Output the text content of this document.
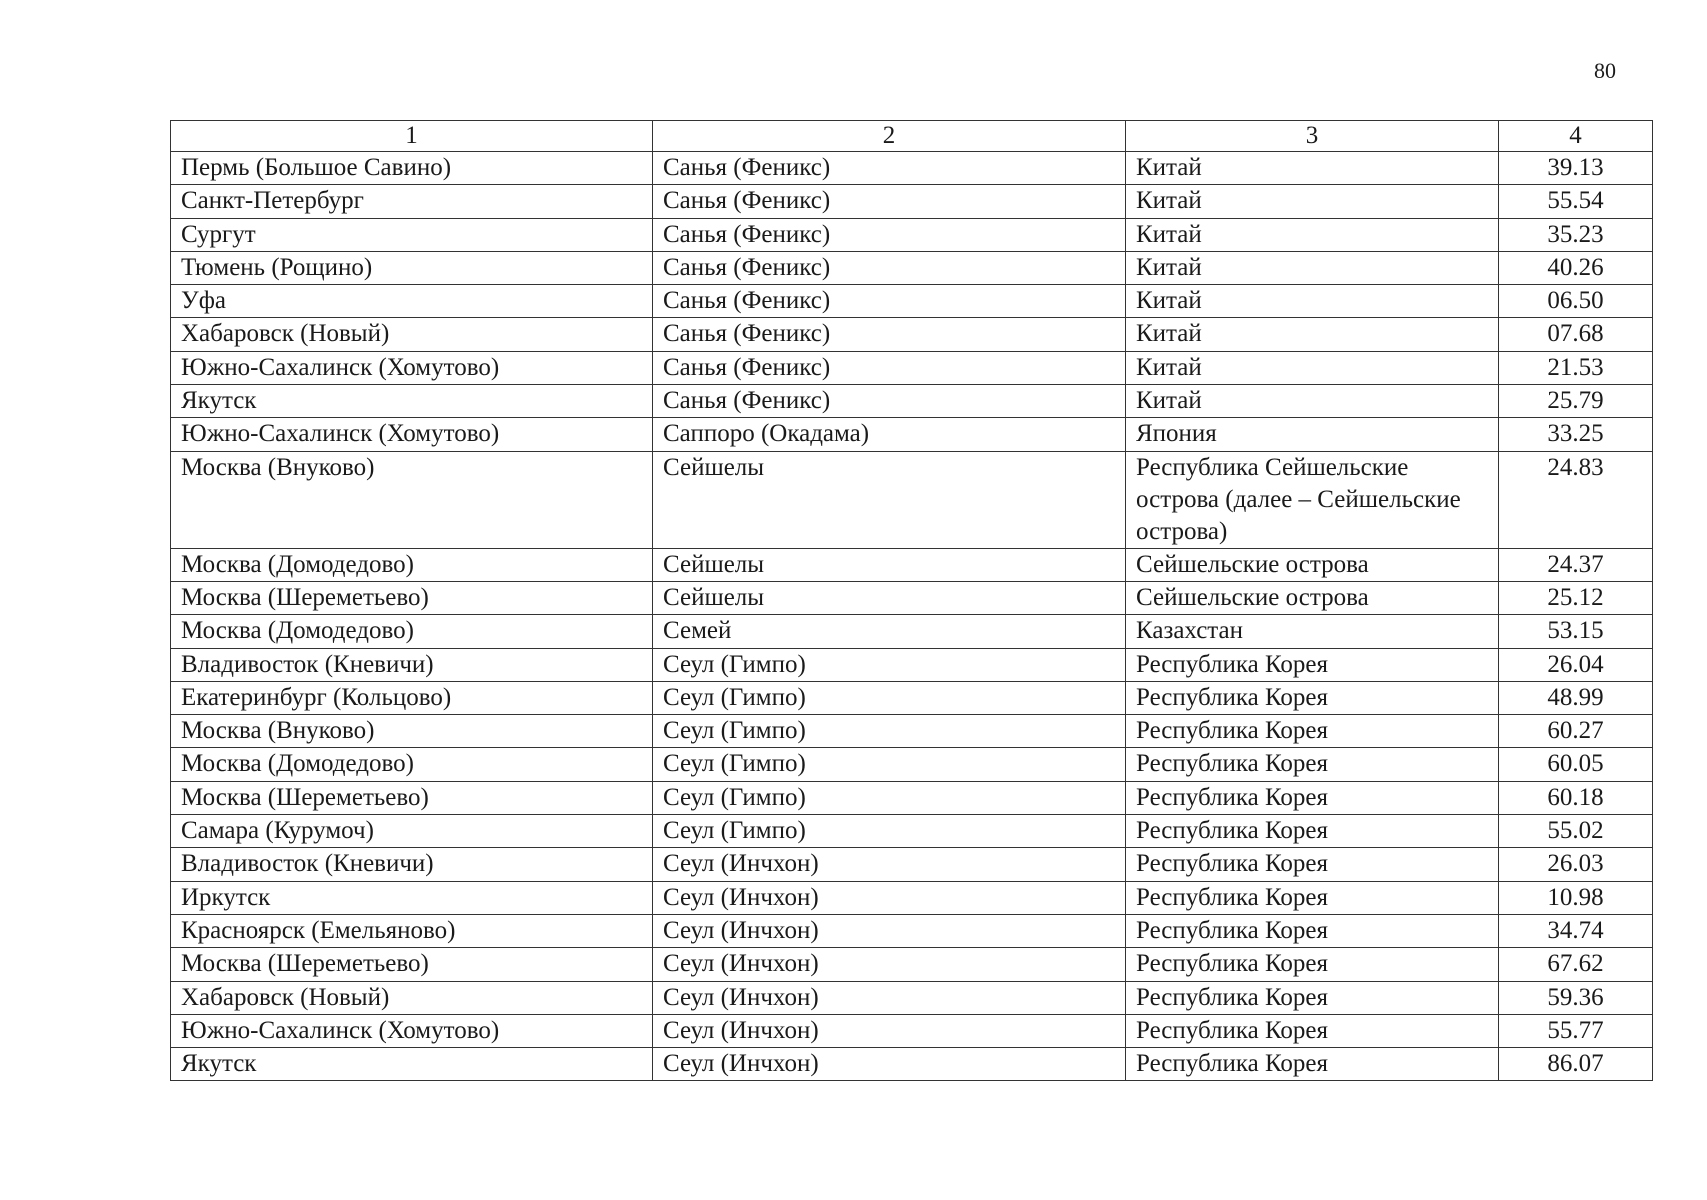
80
1	2	3	4
Пермь (Большое Савино)	Санья (Феникс)	Китай	39.13
Санкт-Петербург	Санья (Феникс)	Китай	55.54
Сургут	Санья (Феникс)	Китай	35.23
Тюмень (Рощино)	Санья (Феникс)	Китай	40.26
Уфа	Санья (Феникс)	Китай	06.50
Хабаровск (Новый)	Санья (Феникс)	Китай	07.68
Южно-Сахалинск (Хомутово)	Санья (Феникс)	Китай	21.53
Якутск	Санья (Феникс)	Китай	25.79
Южно-Сахалинск (Хомутово)	Саппоро (Окадама)	Япония	33.25
Москва (Внуково)	Сейшелы	Республика Сейшельские острова (далее – Сейшельские острова)	24.83
Москва (Домодедово)	Сейшелы	Сейшельские острова	24.37
Москва (Шереметьево)	Сейшелы	Сейшельские острова	25.12
Москва (Домодедово)	Семей	Казахстан	53.15
Владивосток (Кневичи)	Сеул (Гимпо)	Республика Корея	26.04
Екатеринбург (Кольцово)	Сеул (Гимпо)	Республика Корея	48.99
Москва (Внуково)	Сеул (Гимпо)	Республика Корея	60.27
Москва (Домодедово)	Сеул (Гимпо)	Республика Корея	60.05
Москва (Шереметьево)	Сеул (Гимпо)	Республика Корея	60.18
Самара (Курумоч)	Сеул (Гимпо)	Республика Корея	55.02
Владивосток (Кневичи)	Сеул (Инчхон)	Республика Корея	26.03
Иркутск	Сеул (Инчхон)	Республика Корея	10.98
Красноярск (Емельяново)	Сеул (Инчхон)	Республика Корея	34.74
Москва (Шереметьево)	Сеул (Инчхон)	Республика Корея	67.62
Хабаровск (Новый)	Сеул (Инчхон)	Республика Корея	59.36
Южно-Сахалинск (Хомутово)	Сеул (Инчхон)	Республика Корея	55.77
Якутск	Сеул (Инчхон)	Республика Корея	86.07
